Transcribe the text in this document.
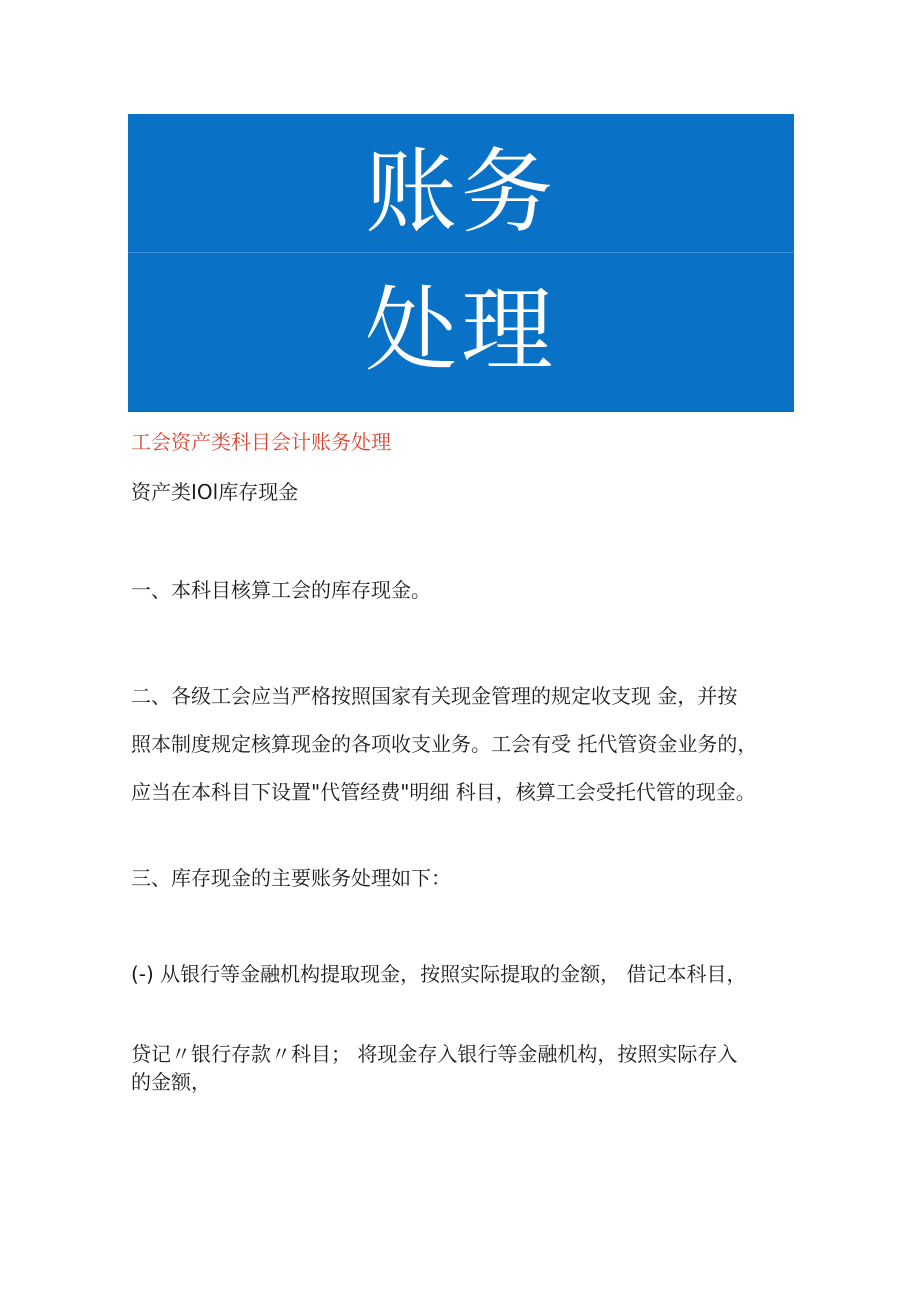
账务
处理
工会资产类科目会计账务处理
资产类IOl库存现金
一、本科目核算工会的库存现金。
二、各级工会应当严格按照国家有关现金管理的规定收支现 金，并按
照本制度规定核算现金的各项收支业务。工会有受 托代管资金业务的，
应当在本科目下设置"代管经费"明细 科目，核算工会受托代管的现金。
三、库存现金的主要账务处理如下：
(-) 从银行等金融机构提取现金，按照实际提取的金额， 借记本科目，
贷记〃银行存款〃科目； 将现金存入银行等金融机构，按照实际存入
的金额，
